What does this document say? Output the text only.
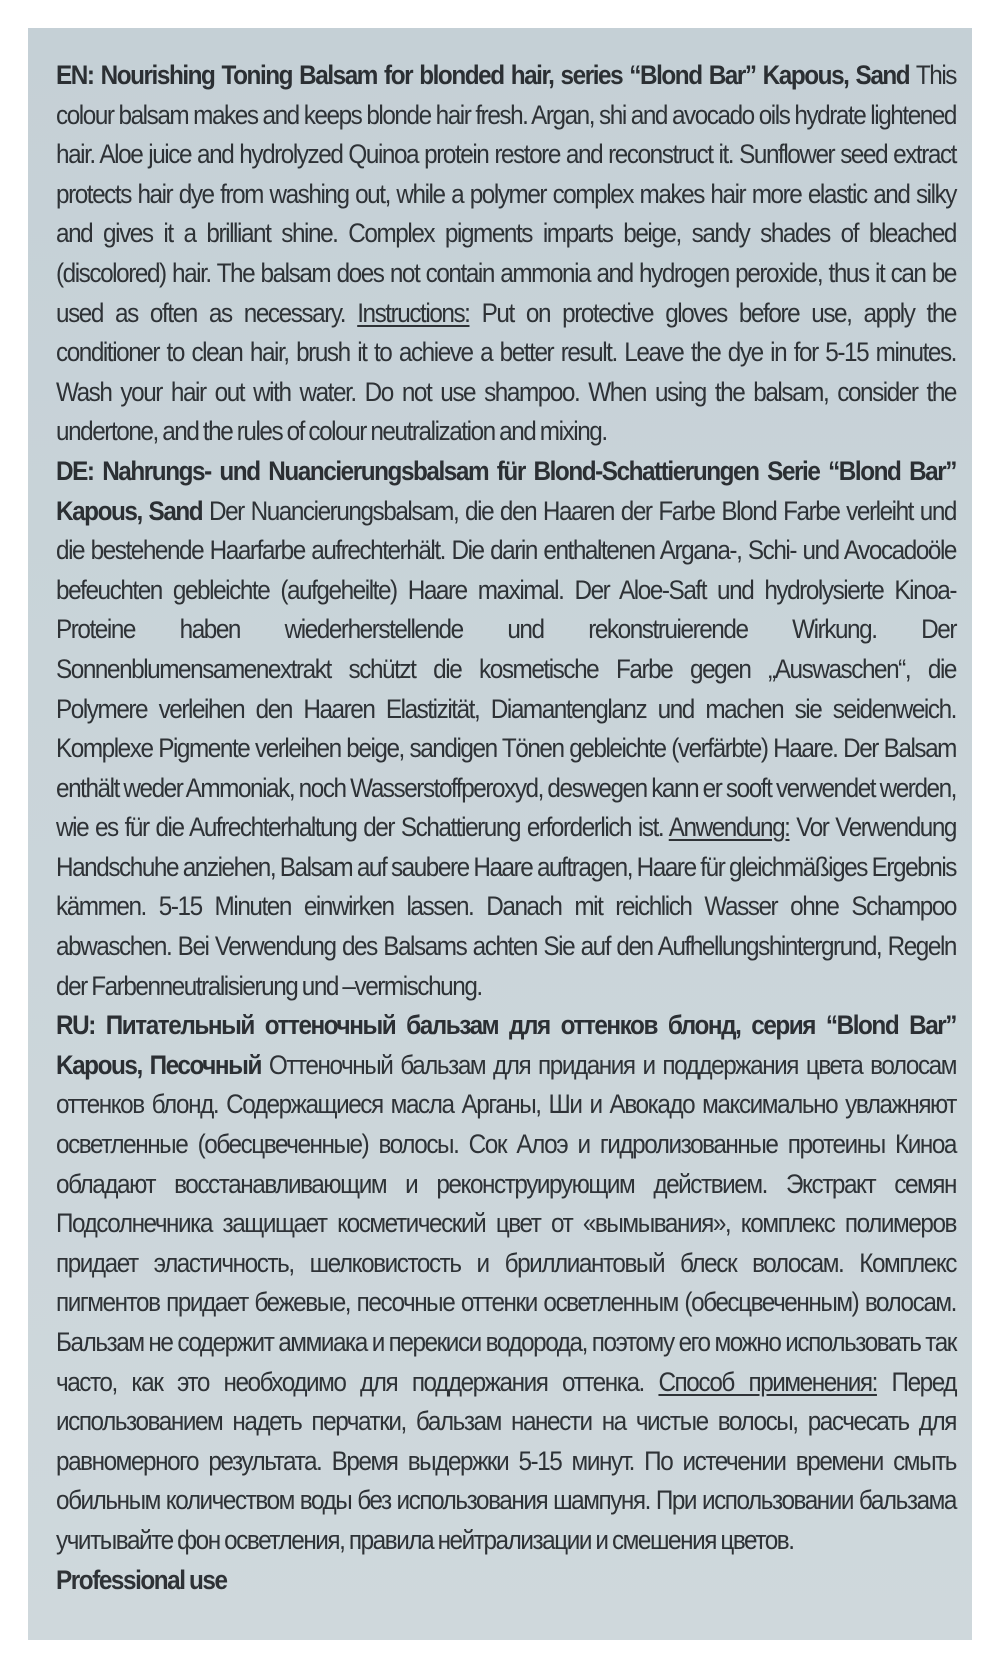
EN: Nourishing Toning Balsam for blonded hair, series “Blond Bar” Kapous, Sand This colour balsam makes and keeps blonde hair fresh. Argan, shi and avocado oils hydrate lightened hair. Aloe juice and hydrolyzed Quinoa protein restore and reconstruct it. Sunflower seed extract protects hair dye from washing out, while a polymer complex makes hair more elastic and silky and gives it a brilliant shine. Complex pigments imparts beige, sandy shades of bleached (discolored) hair. The balsam does not contain ammonia and hydrogen peroxide, thus it can be used as often as necessary. Instructions: Put on protective gloves before use, apply the conditioner to clean hair, brush it to achieve a better result. Leave the dye in for 5-15 minutes. Wash your hair out with water. Do not use shampoo. When using the balsam, consider the undertone, and the rules of colour neutralization and mixing.

DE: Nahrungs- und Nuancierungsbalsam für Blond-Schattierungen Serie “Blond Bar” Kapous, Sand Der Nuancierungsbalsam, die den Haaren der Farbe Blond Farbe verleiht und die bestehende Haarfarbe aufrechterhält. Die darin enthaltenen Argana-, Schi- und Avocadoöle befeuchten gebleichte (aufgeheilte) Haare maximal. Der Aloe-Saft und hydrolysierte Kinoa-Proteine haben wiederherstellende und rekonstruierende Wirkung. Der Sonnenblumensamenextrakt schützt die kosmetische Farbe gegen „Auswaschen“, die Polymere verleihen den Haaren Elastizität, Diamantenglanz und machen sie seidenweich. Komplexe Pigmente verleihen beige, sandigen Tönen gebleichte (verfärbte) Haare. Der Balsam enthält weder Ammoniak, noch Wasserstoffperoxyd, deswegen kann er sooft verwendet werden, wie es für die Aufrechterhaltung der Schattierung erforderlich ist. Anwendung: Vor Verwendung Handschuhe anziehen, Balsam auf saubere Haare auftragen, Haare für gleichmäßiges Ergebnis kämmen. 5-15 Minuten einwirken lassen. Danach mit reichlich Wasser ohne Schampoo abwaschen. Bei Verwendung des Balsams achten Sie auf den Aufhellungshintergrund, Regeln der Farbenneutralisierung und –vermischung.

RU: Питательный оттеночный бальзам для оттенков блонд, серия “Blond Bar” Kapous, Песочный Оттеночный бальзам для придания и поддержания цвета волосам оттенков блонд. Содержащиеся масла Арганы, Ши и Авокадо максимально увлажняют осветленные (обесцвеченные) волосы. Сок Алоэ и гидролизованные протеины Киноа обладают восстанавливающим и реконструирующим действием. Экстракт семян Подсолнечника защищает косметический цвет от «вымывания», комплекс полимеров придает эластичность, шелковистость и бриллиантовый блеск волосам. Комплекс пигментов придает бежевые, песочные оттенки осветленным (обесцвеченным) волосам. Бальзам не содержит аммиака и перекиси водорода, поэтому его можно использовать так часто, как это необходимо для поддержания оттенка. Способ применения: Перед использованием надеть перчатки, бальзам нанести на чистые волосы, расчесать для равномерного результата. Время выдержки 5-15 минут. По истечении времени смыть обильным количеством воды без использования шампуня. При использовании бальзама учитывайте фон осветления, правила нейтрализации и смешения цветов.

Professional use
